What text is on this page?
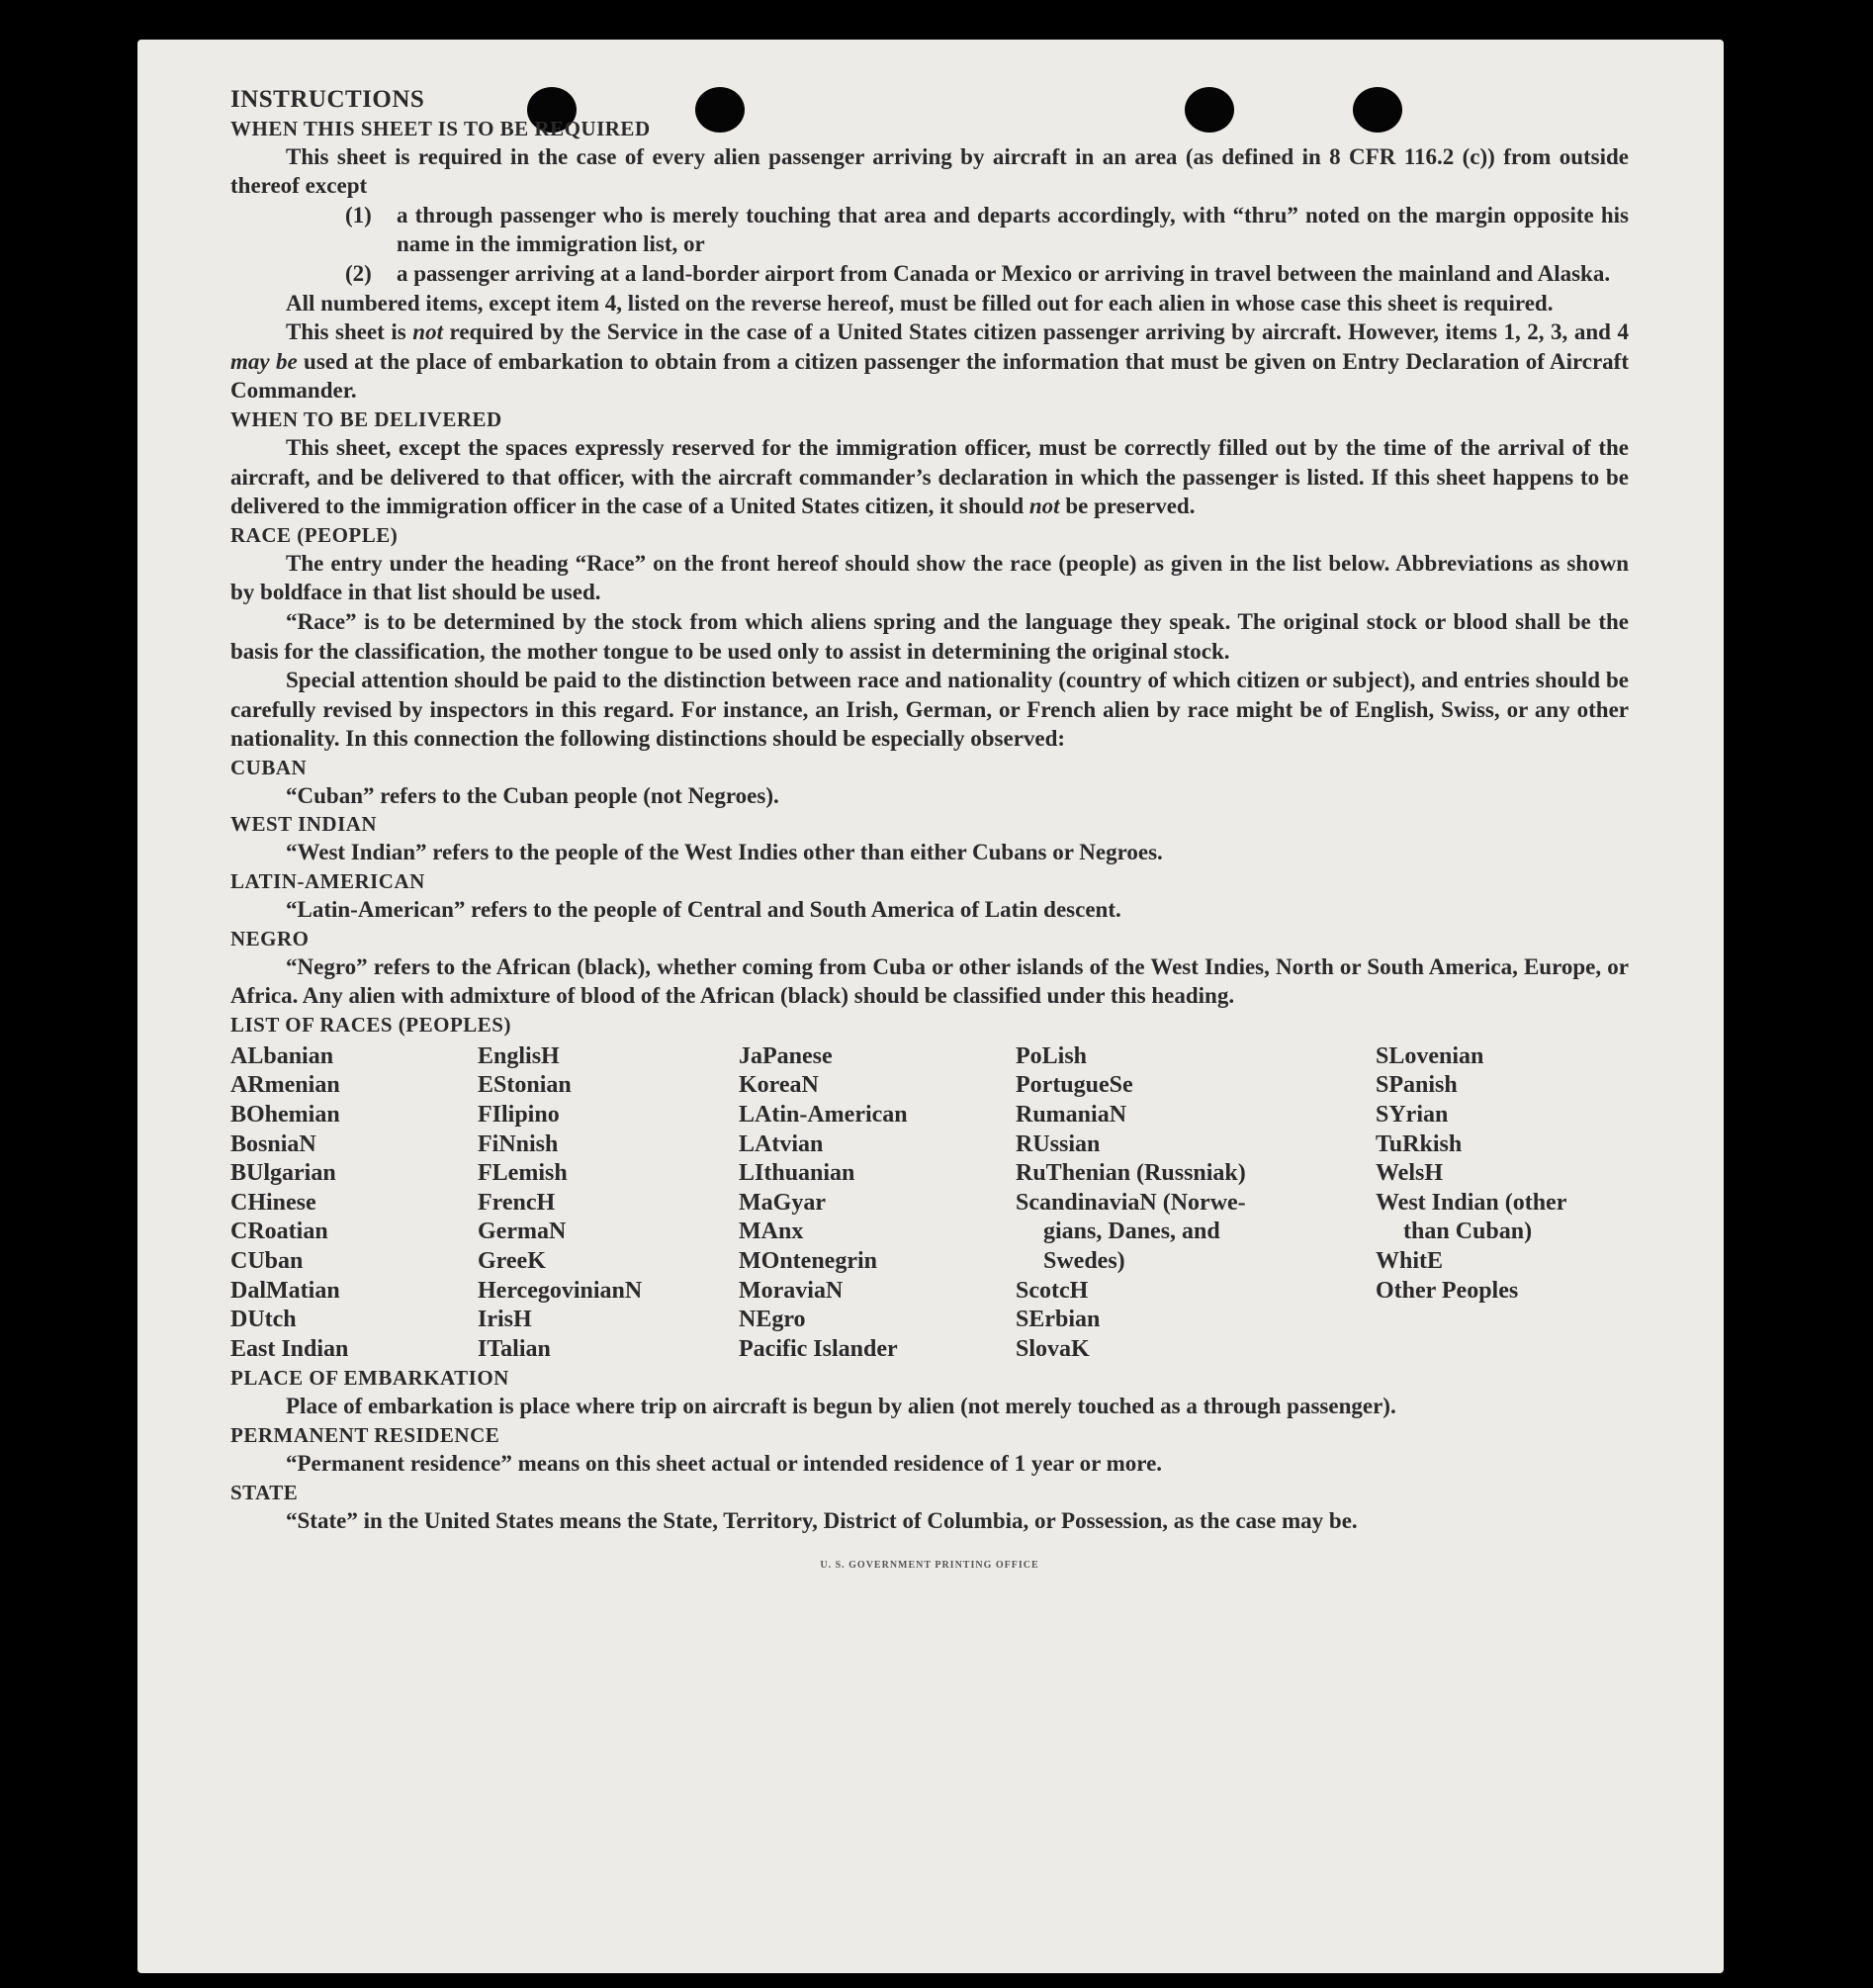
INSTRUCTIONS

WHEN THIS SHEET IS TO BE REQUIRED

This sheet is required in the case of every alien passenger arriving by aircraft in an area (as defined in 8 CFR 116.2 (c)) from outside thereof except

(1)	a through passenger who is merely touching that area and departs accordingly, with “thru” noted on the margin opposite his name in the immigration list, or
(2)	a passenger arriving at a land-border airport from Canada or Mexico or arriving in travel between the mainland and Alaska.

All numbered items, except item 4, listed on the reverse hereof, must be filled out for each alien in whose case this sheet is required.

This sheet is not required by the Service in the case of a United States citizen passenger arriving by aircraft. However, items 1, 2, 3, and 4 may be used at the place of embarkation to obtain from a citizen passenger the information that must be given on Entry Declaration of Aircraft Commander.

WHEN TO BE DELIVERED

This sheet, except the spaces expressly reserved for the immigration officer, must be correctly filled out by the time of the arrival of the aircraft, and be delivered to that officer, with the aircraft commander’s declaration in which the passenger is listed. If this sheet happens to be delivered to the immigration officer in the case of a United States citizen, it should not be preserved.

RACE (PEOPLE)

The entry under the heading “Race” on the front hereof should show the race (people) as given in the list below. Abbreviations as shown by boldface in that list should be used.

“Race” is to be determined by the stock from which aliens spring and the language they speak. The original stock or blood shall be the basis for the classification, the mother tongue to be used only to assist in determining the original stock.

Special attention should be paid to the distinction between race and nationality (country of which citizen or subject), and entries should be carefully revised by inspectors in this regard. For instance, an Irish, German, or French alien by race might be of English, Swiss, or any other nationality. In this connection the following distinctions should be especially observed:

CUBAN

“Cuban” refers to the Cuban people (not Negroes).

WEST INDIAN

“West Indian” refers to the people of the West Indies other than either Cubans or Negroes.

LATIN-AMERICAN

“Latin-American” refers to the people of Central and South America of Latin descent.

NEGRO

“Negro” refers to the African (black), whether coming from Cuba or other islands of the West Indies, North or South America, Europe, or Africa. Any alien with admixture of blood of the African (black) should be classified under this heading.

LIST OF RACES (PEOPLES)

ALbanian
ARmenian
BOhemian
BosniaN
BUlgarian
CHinese
CRoatian
CUban
DalMatian
DUtch
East Indian
EnglisH
EStonian
FIlipino
FiNnish
FLemish
FrencH
GermaN
GreeK
HercegovinianN
IrisH
ITalian
JaPanese
KoreaN
LAtin-American
LAtvian
LIthuanian
MaGyar
MAnx
MOntenegrin
MoraviaN
NEgro
Pacific Islander
PoLish
PortugueSe
RumaniaN
RUssian
RuThenian (Russniak)
ScandinaviaN (Norwe-
gians, Danes, and
Swedes)
ScotcH
SErbian
SlovaK
SLovenian
SPanish
SYrian
TuRkish
WelsH
West Indian (other
than Cuban)
WhitE
Other Peoples

PLACE OF EMBARKATION

Place of embarkation is place where trip on aircraft is begun by alien (not merely touched as a through passenger).

PERMANENT RESIDENCE

“Permanent residence” means on this sheet actual or intended residence of 1 year or more.

STATE

“State” in the United States means the State, Territory, District of Columbia, or Possession, as the case may be.

U. S. GOVERNMENT PRINTING OFFICE
